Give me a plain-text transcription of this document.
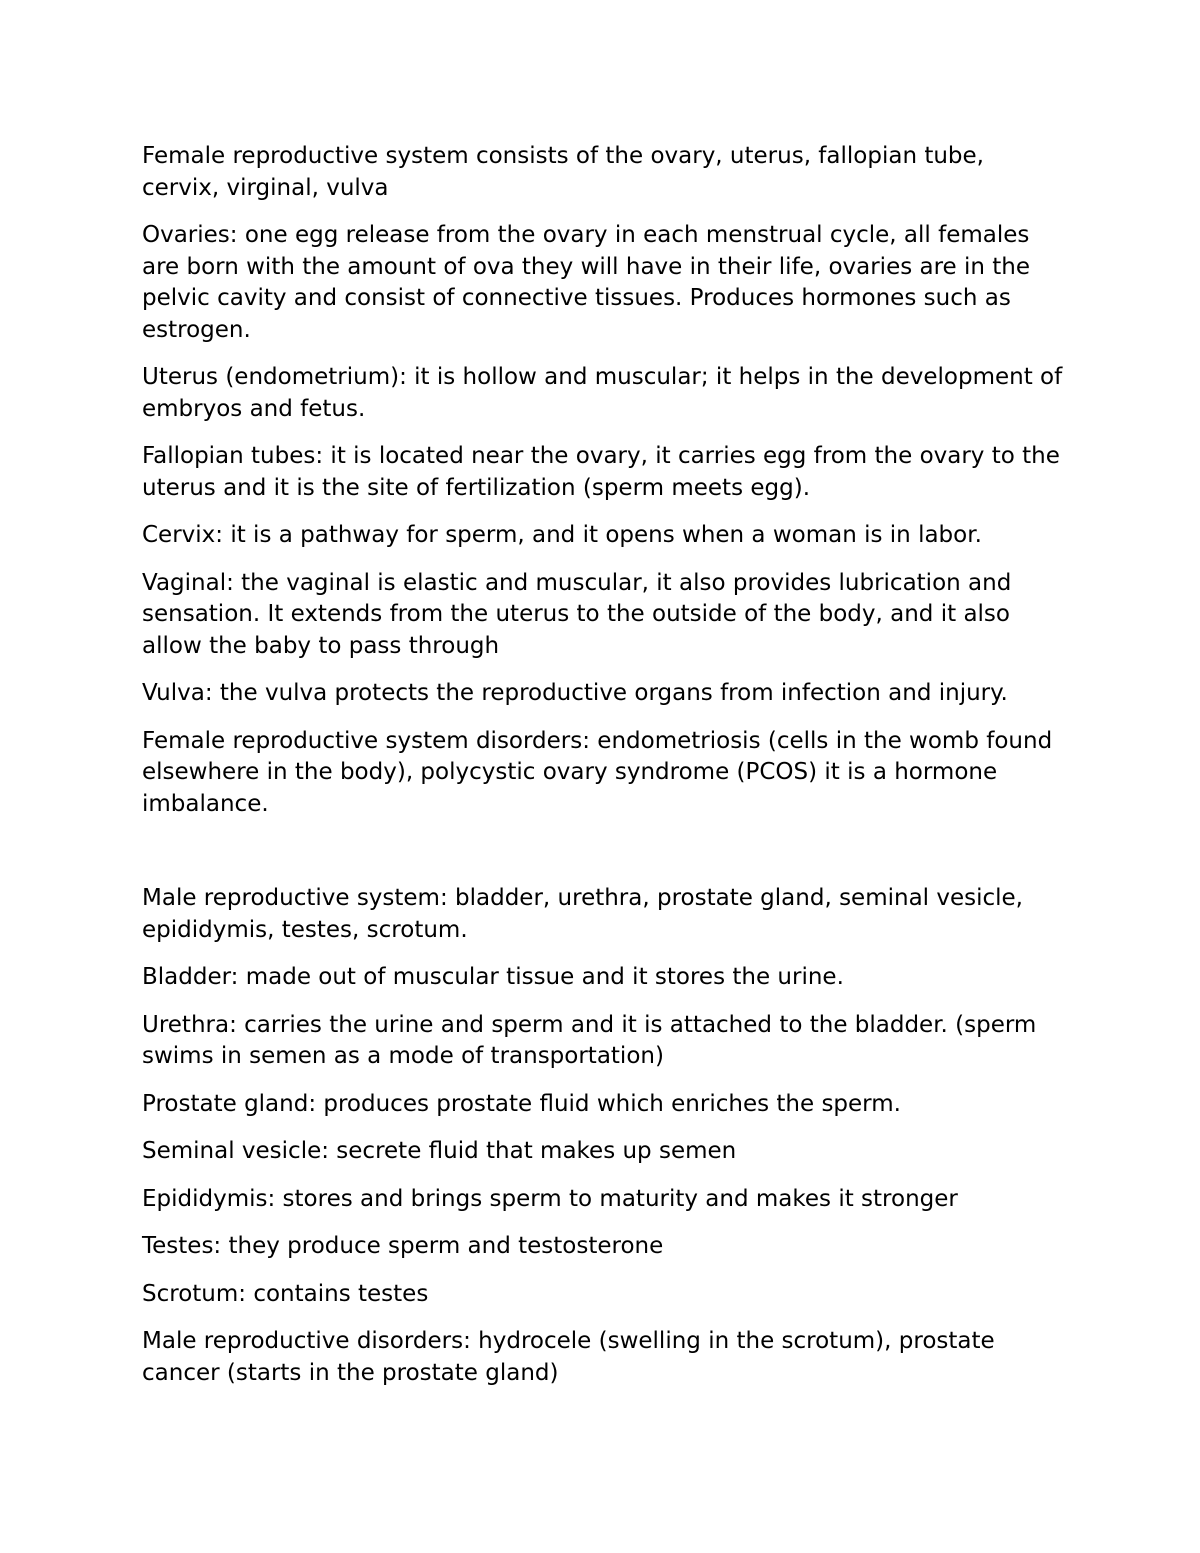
Female reproductive system consists of the ovary, uterus, fallopian tube, cervix, virginal, vulva

Ovaries: one egg release from the ovary in each menstrual cycle, all females are born with the amount of ova they will have in their life, ovaries are in the pelvic cavity and consist of connective tissues. Produces hormones such as estrogen.

Uterus (endometrium): it is hollow and muscular; it helps in the development of embryos and fetus.

Fallopian tubes: it is located near the ovary, it carries egg from the ovary to the uterus and it is the site of fertilization (sperm meets egg).

Cervix: it is a pathway for sperm, and it opens when a woman is in labor.

Vaginal: the vaginal is elastic and muscular, it also provides lubrication and sensation. It extends from the uterus to the outside of the body, and it also allow the baby to pass through

Vulva: the vulva protects the reproductive organs from infection and injury.

Female reproductive system disorders: endometriosis (cells in the womb found elsewhere in the body), polycystic ovary syndrome (PCOS) it is a hormone imbalance.

Male reproductive system: bladder, urethra, prostate gland, seminal vesicle, epididymis, testes, scrotum.

Bladder: made out of muscular tissue and it stores the urine.

Urethra: carries the urine and sperm and it is attached to the bladder. (sperm swims in semen as a mode of transportation)

Prostate gland: produces prostate fluid which enriches the sperm.

Seminal vesicle: secrete fluid that makes up semen

Epididymis: stores and brings sperm to maturity and makes it stronger

Testes: they produce sperm and testosterone

Scrotum: contains testes

Male reproductive disorders: hydrocele (swelling in the scrotum), prostate cancer (starts in the prostate gland)
